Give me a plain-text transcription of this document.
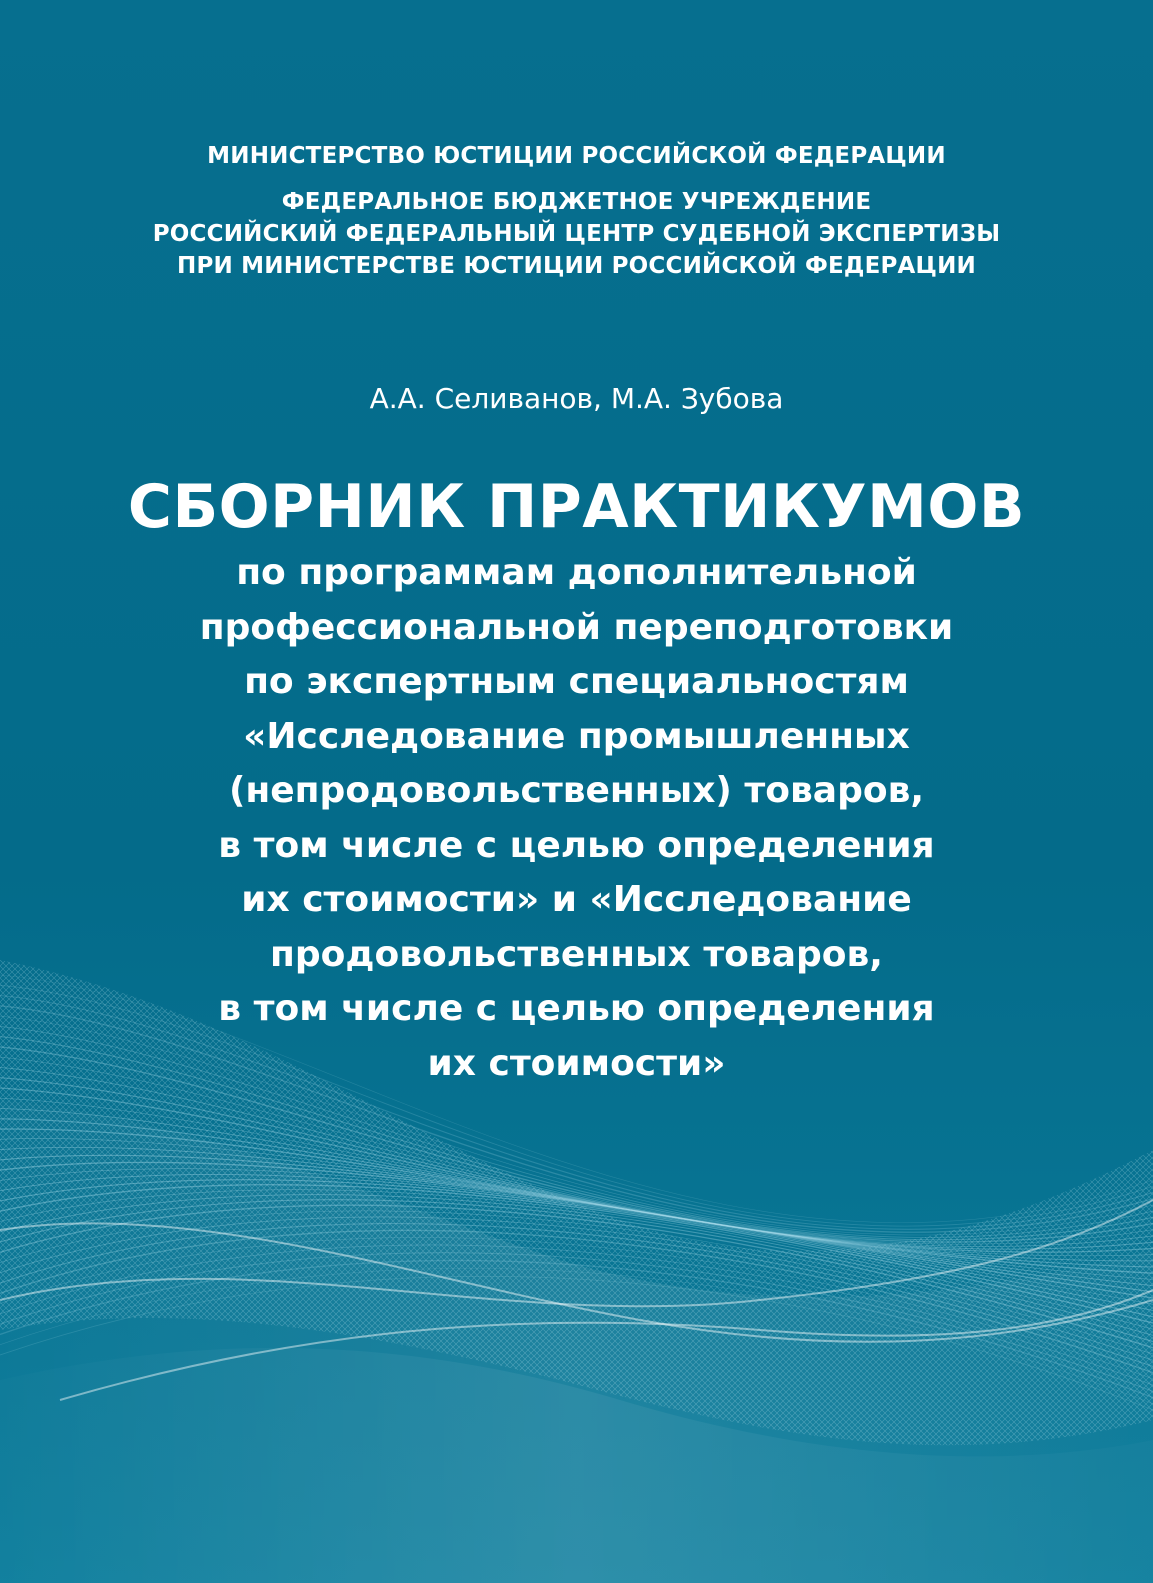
МИНИСТЕРСТВО ЮСТИЦИИ РОССИЙСКОЙ ФЕДЕРАЦИИ
ФЕДЕРАЛЬНОЕ БЮДЖЕТНОЕ УЧРЕЖДЕНИЕ
РОССИЙСКИЙ ФЕДЕРАЛЬНЫЙ ЦЕНТР СУДЕБНОЙ ЭКСПЕРТИЗЫ
ПРИ МИНИСТЕРСТВЕ ЮСТИЦИИ РОССИЙСКОЙ ФЕДЕРАЦИИ
А.А. Селиванов, М.А. Зубова
СБОРНИК ПРАКТИКУМОВ
по программам дополнительной
профессиональной переподготовки
по экспертным специальностям
«Исследование промышленных
(непродовольственных) товаров,
в том числе с целью определения
их стоимости» и «Исследование
продовольственных товаров,
в том числе с целью определения
их стоимости»
